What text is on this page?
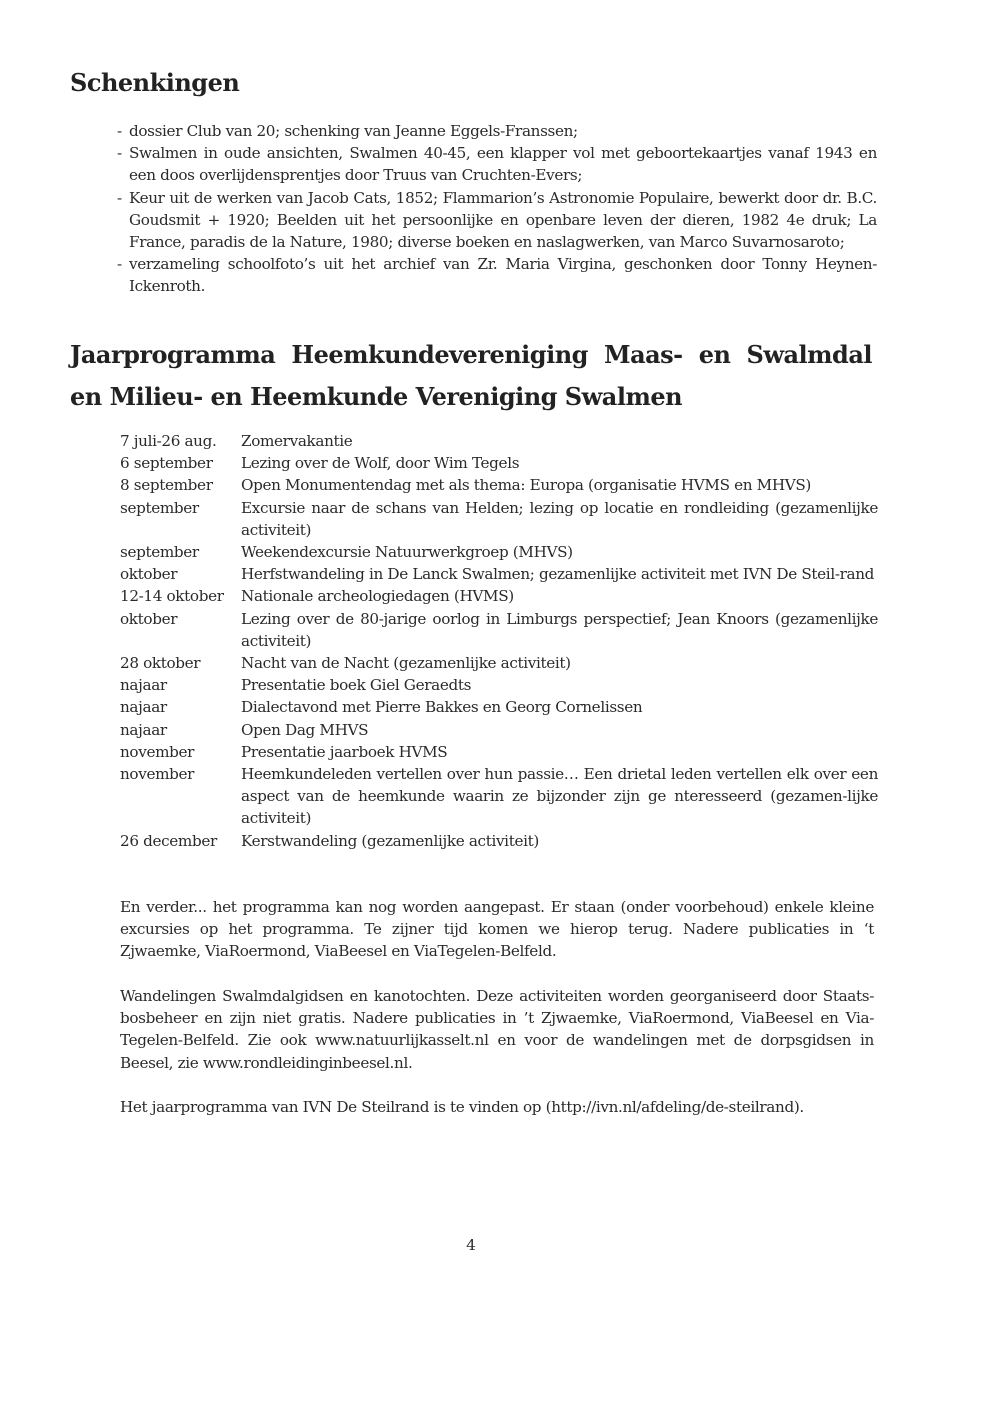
Schenkingen
- dossier Club van 20; schenking van Jeanne Eggels-Franssen;
- Swalmen in oude ansichten, Swalmen 40-45, een klapper vol met geboortekaartjes vanaf 1943 en een doos overlijdensprentjes door Truus van Cruchten-Evers;
- Keur uit de werken van Jacob Cats, 1852; Flammarion’s Astronomie Populaire, bewerkt door dr. B.C. Goudsmit + 1920; Beelden uit het persoonlijke en openbare leven der dieren, 1982 4e druk; La France, paradis de la Nature, 1980; diverse boeken en naslagwerken, van Marco Suvarnosaroto;
- verzameling schoolfoto’s uit het archief van Zr. Maria Virgina, geschonken door Tonny Heynen-Ickenroth.
Jaarprogramma Heemkundevereniging Maas- en Swalmdal en Milieu- en Heemkunde Vereniging Swalmen
7 juli-26 aug.	Zomervakantie
6 september	Lezing over de Wolf, door Wim Tegels
8 september	Open Monumentendag met als thema: Europa (organisatie HVMS en MHVS)
september	Excursie naar de schans van Helden; lezing op locatie en rondleiding (gezamenlijke activiteit)
september	Weekendexcursie Natuurwerkgroep (MHVS)
oktober	Herfstwandeling in De Lanck Swalmen; gezamenlijke activiteit met IVN De Steil-rand
12-14 oktober	Nationale archeologiedagen (HVMS)
oktober	Lezing over de 80-jarige oorlog in Limburgs perspectief; Jean Knoors (gezamenlijke activiteit)
28 oktober	Nacht van de Nacht (gezamenlijke activiteit)
najaar	Presentatie boek Giel Geraedts
najaar	Dialectavond met Pierre Bakkes en Georg Cornelissen
najaar	Open Dag MHVS
november	Presentatie jaarboek HVMS
november	Heemkundeleden vertellen over hun passie… Een drietal leden vertellen elk over een aspect van de heemkunde waarin ze bijzonder zijn ge nteresseerd (gezamen-lijke activiteit)
26 december	Kerstwandeling (gezamenlijke activiteit)

En verder... het programma kan nog worden aangepast. Er staan (onder voorbehoud) enkele kleine excursies op het programma. Te zijner tijd komen we hierop terug. Nadere publicaties in ‘t Zjwaemke, ViaRoermond, ViaBeesel en ViaTegelen-Belfeld.

Wandelingen Swalmdalgidsen en kanotochten. Deze activiteiten worden georganiseerd door Staats-bosbeheer en zijn niet gratis. Nadere publicaties in ’t Zjwaemke, ViaRoermond, ViaBeesel en Via-Tegelen-Belfeld. Zie ook www.natuurlijkasselt.nl en voor de wandelingen met de dorpsgidsen in Beesel, zie www.rondleidinginbeesel.nl.

Het jaarprogramma van IVN De Steilrand is te vinden op (http://ivn.nl/afdeling/de-steilrand).

4
